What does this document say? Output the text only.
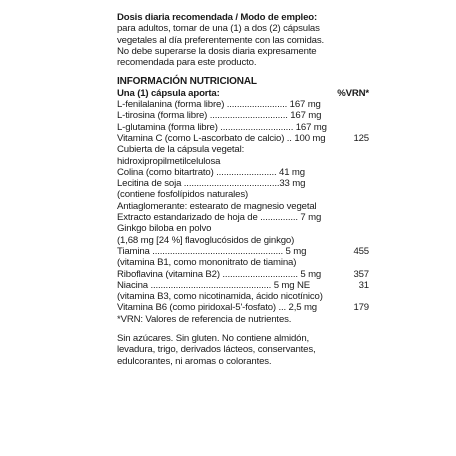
Dosis diaria recomendada / Modo de empleo:
para adultos, tomar de una (1) a dos (2) cápsulas
vegetales al día preferentemente con las comidas.
No debe superarse la dosis diaria expresamente
recomendada para este producto.
INFORMACIÓN NUTRICIONAL
Una (1) cápsula aporta:	%VRN*
L-fenilalanina (forma libre) ........................ 167 mg
L-tirosina (forma libre) ............................... 167 mg
L-glutamina (forma libre) ............................. 167 mg
Vitamina C (como L-ascorbato de calcio) .. 100 mg	125
Cubierta de la cápsula vegetal:
hidroxipropilmetilcelulosa
Colina (como bitartrato) ........................ 41 mg
Lecitina de soja ......................................33 mg
(contiene fosfolípidos naturales)
Antiaglomerante: estearato de magnesio vegetal
Extracto estandarizado de hoja de ............... 7 mg
Ginkgo biloba en polvo
(1,68 mg [24 %] flavoglucósidos de ginkgo)
Tiamina .................................................... 5 mg	455
(vitamina B1, como mononitrato de tiamina)
Riboflavina (vitamina B2) .............................. 5 mg	357
Niacina ................................................ 5 mg NE	31
(vitamina B3, como nicotinamida, ácido nicotínico)
Vitamina B6 (como piridoxal-5'-fosfato) ... 2,5 mg	179
*VRN: Valores de referencia de nutrientes.
Sin azúcares. Sin gluten. No contiene almidón,
levadura, trigo, derivados lácteos, conservantes,
edulcorantes, ni aromas o colorantes.
